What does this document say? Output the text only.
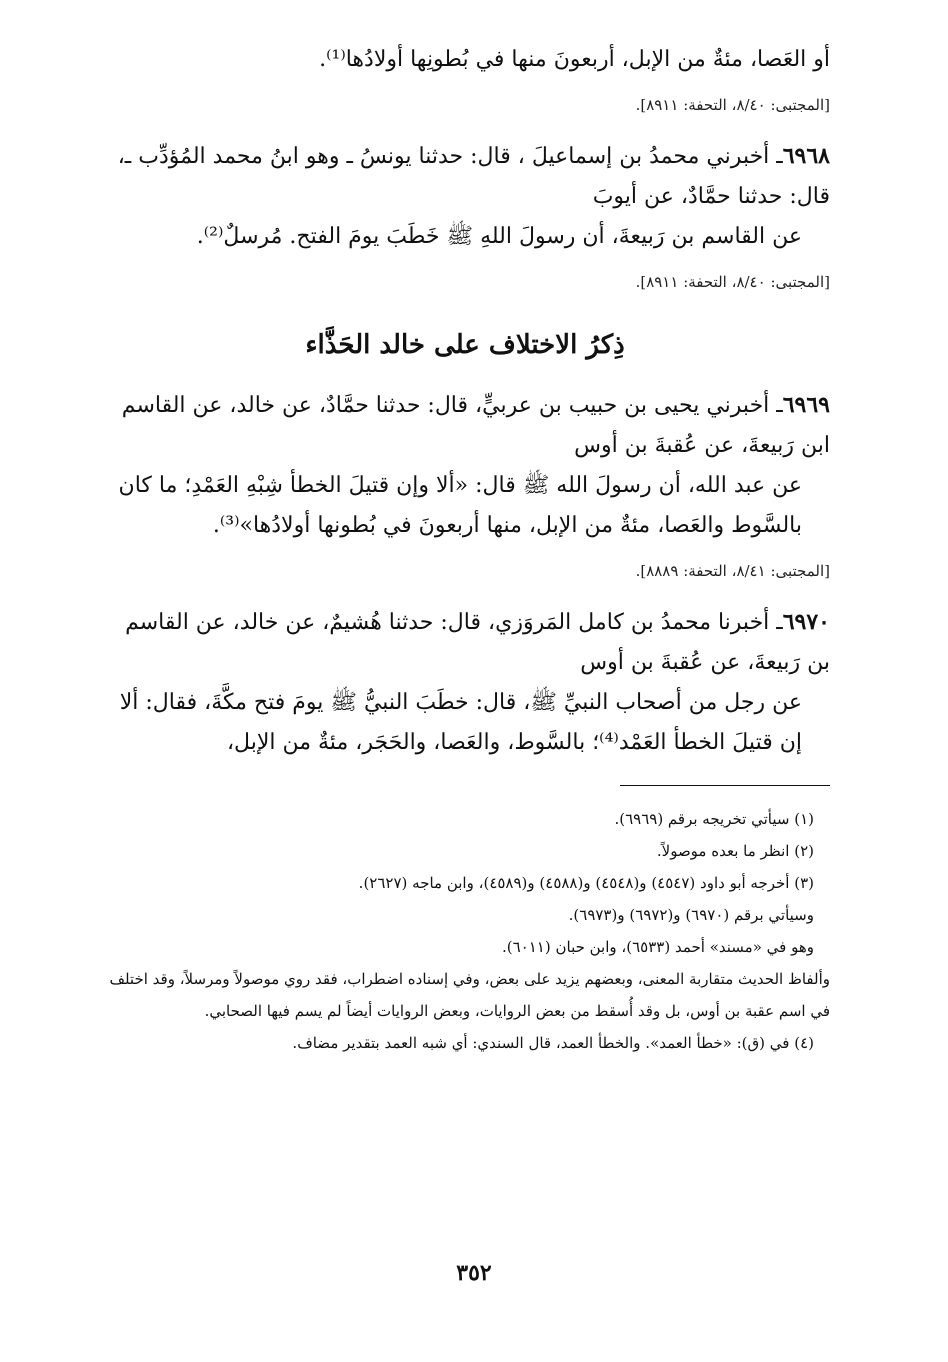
أو العَصا، مئةٌ من الإبل، أربعونَ منها في بُطونِها أولادُها⁽¹⁾.

[المجتبى: ٨/٤٠، التحفة: ٨٩١١].

٦٩٦٨ـ أخبرني محمدُ بن إسماعيلَ ، قال: حدثنا يونسُ ـ وهو ابنُ محمد المُؤدِّب ـ، قال: حدثنا حمَّادٌ، عن أيوبَ

عن القاسم بن رَبيعةَ، أن رسولَ اللهِ ﷺ خَطَبَ يومَ الفتح. مُرسلٌ⁽²⁾.

[المجتبى: ٨/٤٠، التحفة: ٨٩١١].

ذِكرُ الاختلاف على خالد الحَذَّاء

٦٩٦٩ـ أخبرني يحيى بن حبيب بن عربيٍّ، قال: حدثنا حمَّادٌ، عن خالد، عن القاسم ابن رَبيعةَ، عن عُقبةَ بن أوس

عن عبد الله، أن رسولَ الله ﷺ قال: «ألا وإن قتيلَ الخطأ شِبْهِ العَمْدِ؛ ما كان بالسَّوط والعَصا، مئةٌ من الإبل، منها أربعونَ في بُطونها أولادُها»⁽³⁾.

[المجتبى: ٨/٤١، التحفة: ٨٨٨٩].

٦٩٧٠ـ أخبرنا محمدُ بن كامل المَروَزي، قال: حدثنا هُشيمٌ، عن خالد، عن القاسم بن رَبيعةَ، عن عُقبةَ بن أوس

عن رجل من أصحاب النبيِّ ﷺ، قال: خطَبَ النبيُّ ﷺ يومَ فتح مكَّةَ، فقال: ألا إن قتيلَ الخطأ العَمْد⁽⁴⁾؛ بالسَّوط، والعَصا، والحَجَر، مئةٌ من الإبل،

(١) سيأتي تخريجه برقم (٦٩٦٩).

(٢) انظر ما بعده موصولاً.

(٣) أخرجه أبو داود (٤٥٤٧) و(٤٥٤٨) و(٤٥٨٨) و(٤٥٨٩)، وابن ماجه (٢٦٢٧).

وسيأتي برقم (٦٩٧٠) و(٦٩٧٢) و(٦٩٧٣).

وهو في «مسند» أحمد (٦٥٣٣)، وابن حبان (٦٠١١).

وألفاظ الحديث متقاربة المعنى، وبعضهم يزيد على بعض، وفي إسناده اضطراب، فقد روي موصولاً ومرسلاً، وقد اختلف في اسم عقبة بن أوس، بل وقد أُسقط من بعض الروايات، وبعض الروايات أيضاً لم يسم فيها الصحابي.

(٤) في (ق): «خطأ العمد». والخطأ العمد، قال السندي: أي شبه العمد بتقدير مضاف.

٣٥٢
